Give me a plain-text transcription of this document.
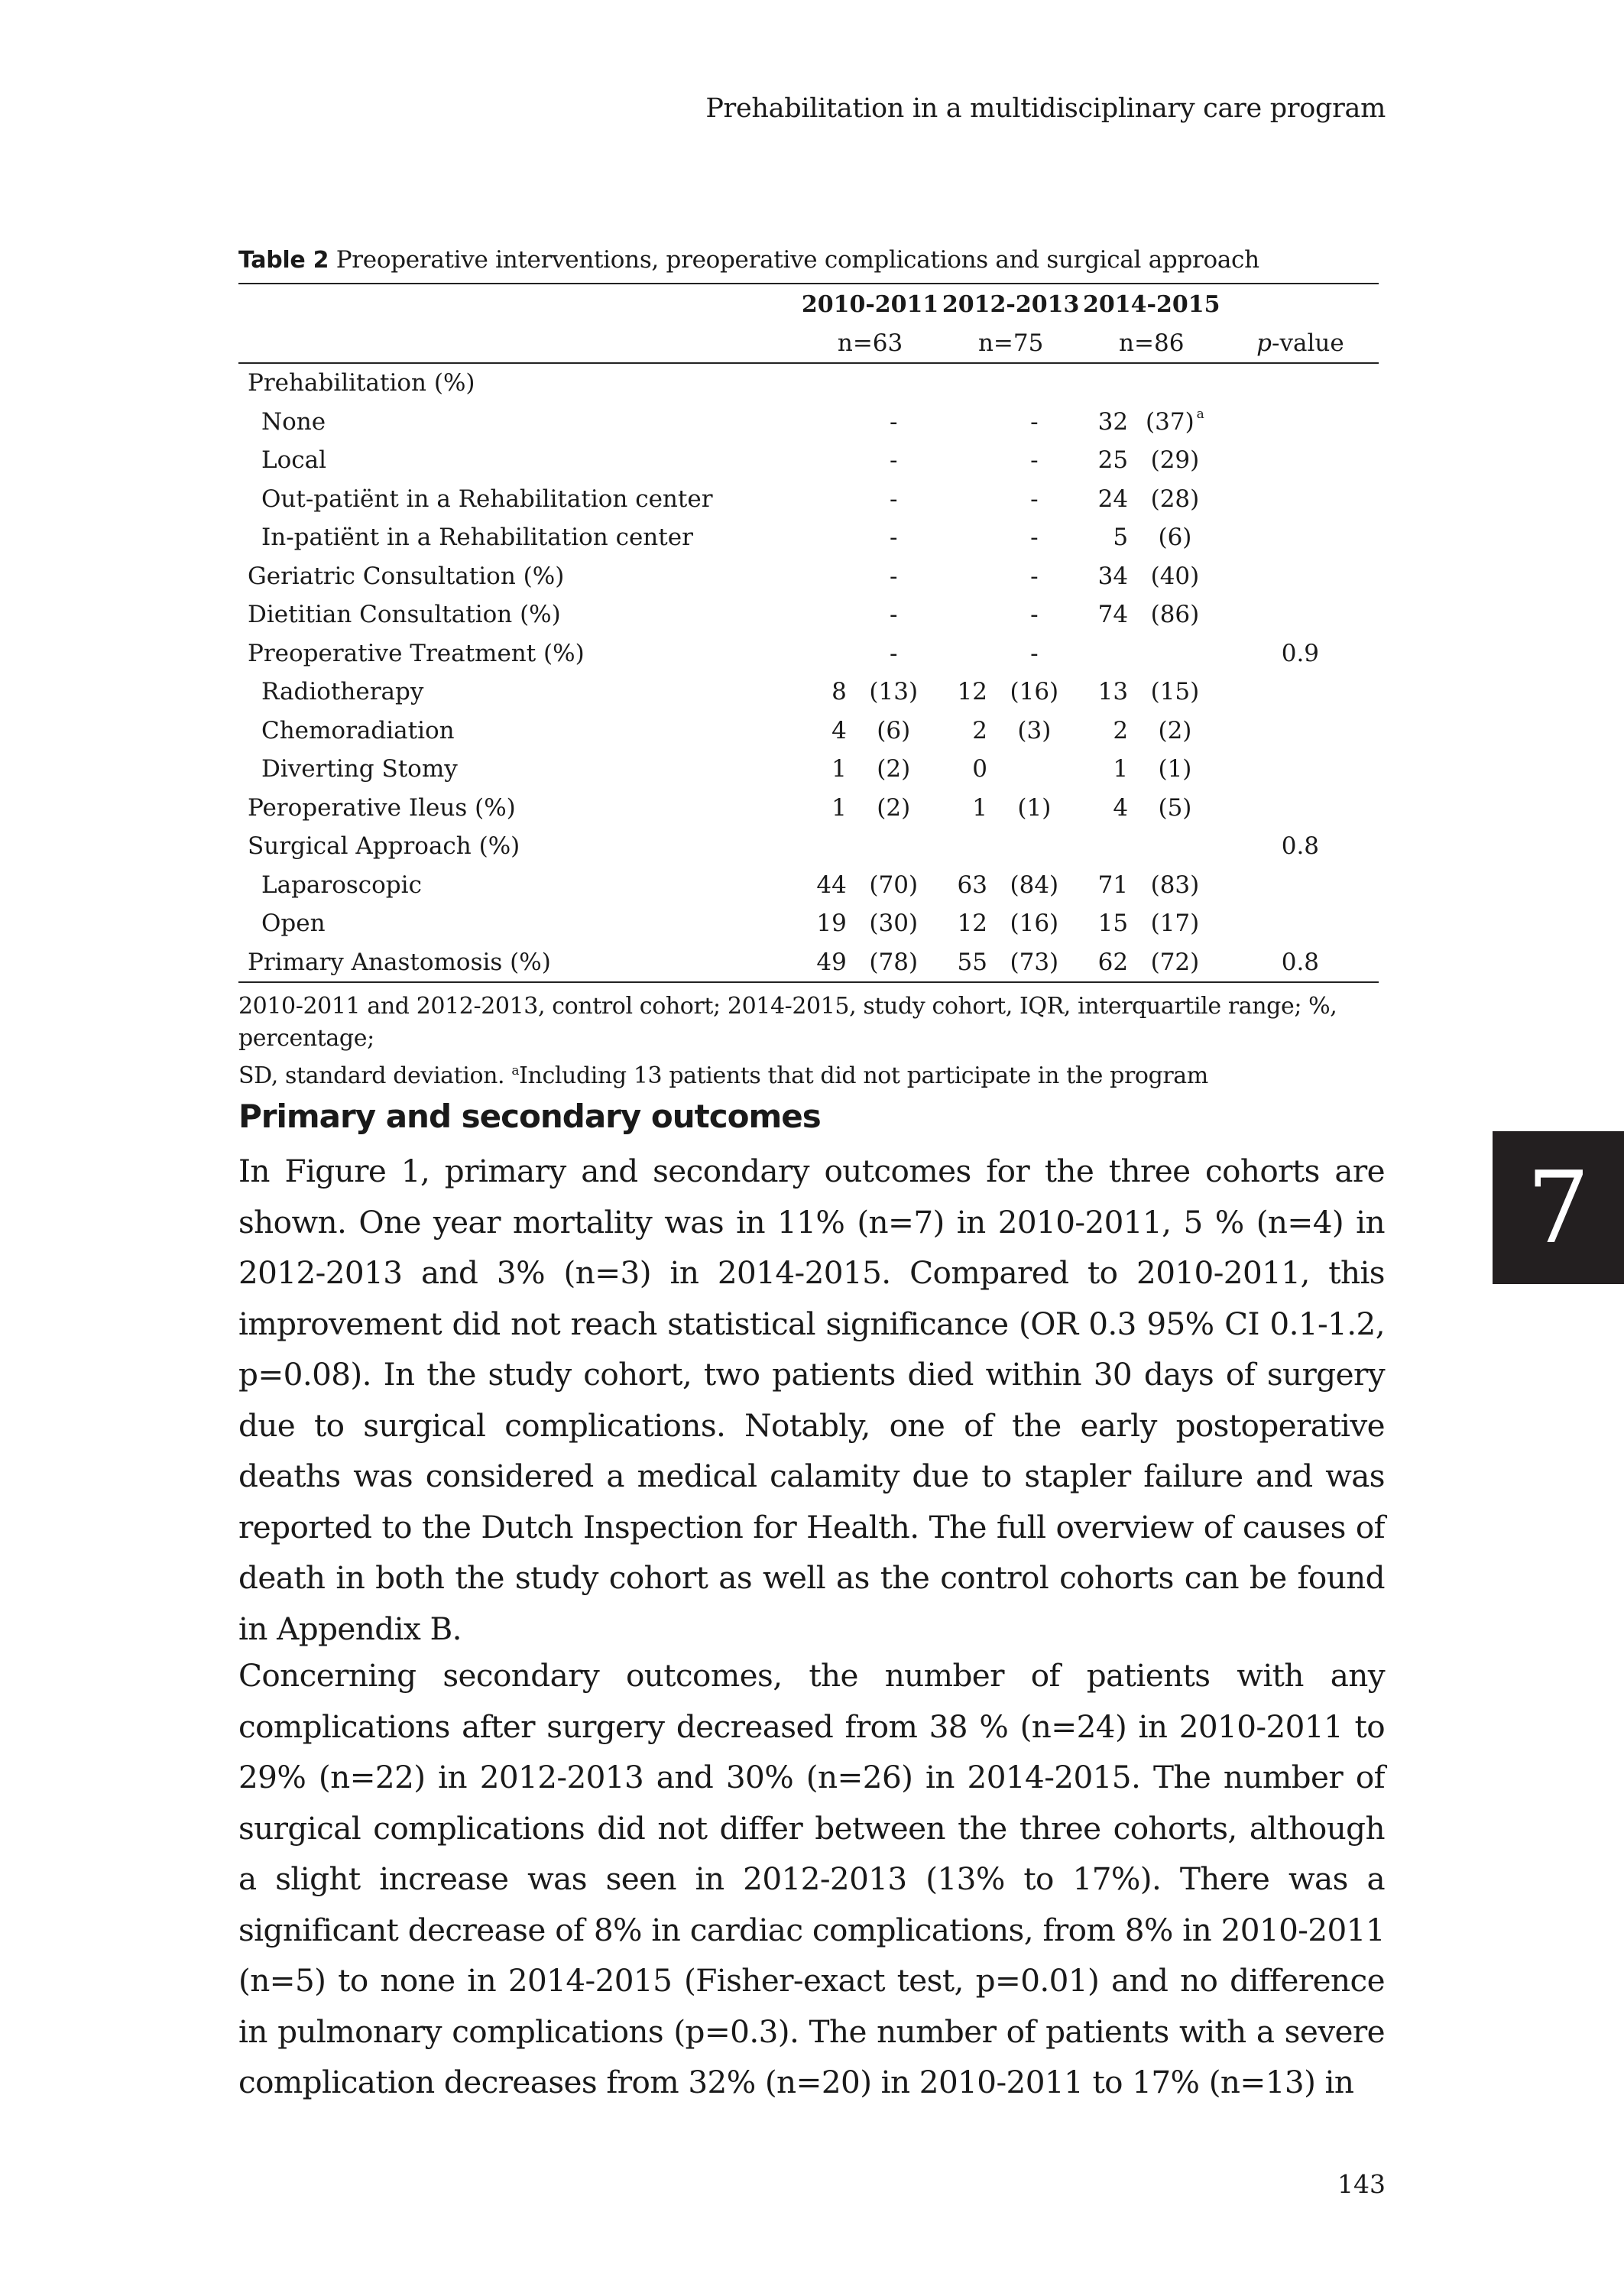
Prehabilitation in a multidisciplinary care program
Table 2 Preoperative interventions, preoperative complications and surgical approach
	2010-2011		2012-2013		2014-2015		
	n=63		n=75		n=86		p-value
Prehabilitation (%)							
None		-		-	32	(37) $^a$	
Local		-		-	25	(29)	
Out-patiënt in a Rehabilitation center		-		-	24	(28)	
In-patiënt in a Rehabilitation center		-		-	5	(6)	
Geriatric Consultation (%)		-		-	34	(40)	
Dietitian Consultation (%)		-		-	74	(86)	
Preoperative Treatment (%)		-		-			0.9
Radiotherapy	8	(13)	12	(16)	13	(15)	
Chemoradiation	4	(6)	2	(3)	2	(2)	
Diverting Stomy	1	(2)	0		1	(1)	
Peroperative Ileus (%)	1	(2)	1	(1)	4	(5)	
Surgical Approach (%)							0.8
Laparoscopic	44	(70)	63	(84)	71	(83)	
Open	19	(30)	12	(16)	15	(17)	
Primary Anastomosis (%)	49	(78)	55	(73)	62	(72)	0.8
2010-2011 and 2012-2013, control cohort; 2014-2015, study cohort, IQR, interquartile range; %, percentage;
SD, standard deviation. $^a$Including 13 patients that did not participate in the program
Primary and secondary outcomes

In Figure 1, primary and secondary outcomes for the three cohorts are shown. One year mortality was in 11% (n=7) in 2010-2011, 5 % (n=4) in 2012-2013 and 3% (n=3) in 2014-2015. Compared to 2010-2011, this improvement did not reach statistical significance (OR 0.3 95% CI 0.1-1.2, p=0.08). In the study cohort, two patients died within 30 days of surgery due to surgical complications. Notably, one of the early postoperative deaths was considered a medical calamity due to stapler failure and was reported to the Dutch Inspection for Health. The full overview of causes of death in both the study cohort as well as the control cohorts can be found in Appendix B.

Concerning secondary outcomes, the number of patients with any complications after surgery decreased from 38 % (n=24) in 2010-2011 to 29% (n=22) in 2012-2013 and 30% (n=26) in 2014-2015. The number of surgical complications did not differ between the three cohorts, although a slight increase was seen in 2012-2013 (13% to 17%). There was a significant decrease of 8% in cardiac complications, from 8% in 2010-2011 (n=5) to none in 2014-2015 (Fisher-exact test, p=0.01) and no difference in pulmonary complications (p=0.3). The number of patients with a severe complication decreases from 32% (n=20) in 2010-2011 to 17% (n=13) in

7
143
